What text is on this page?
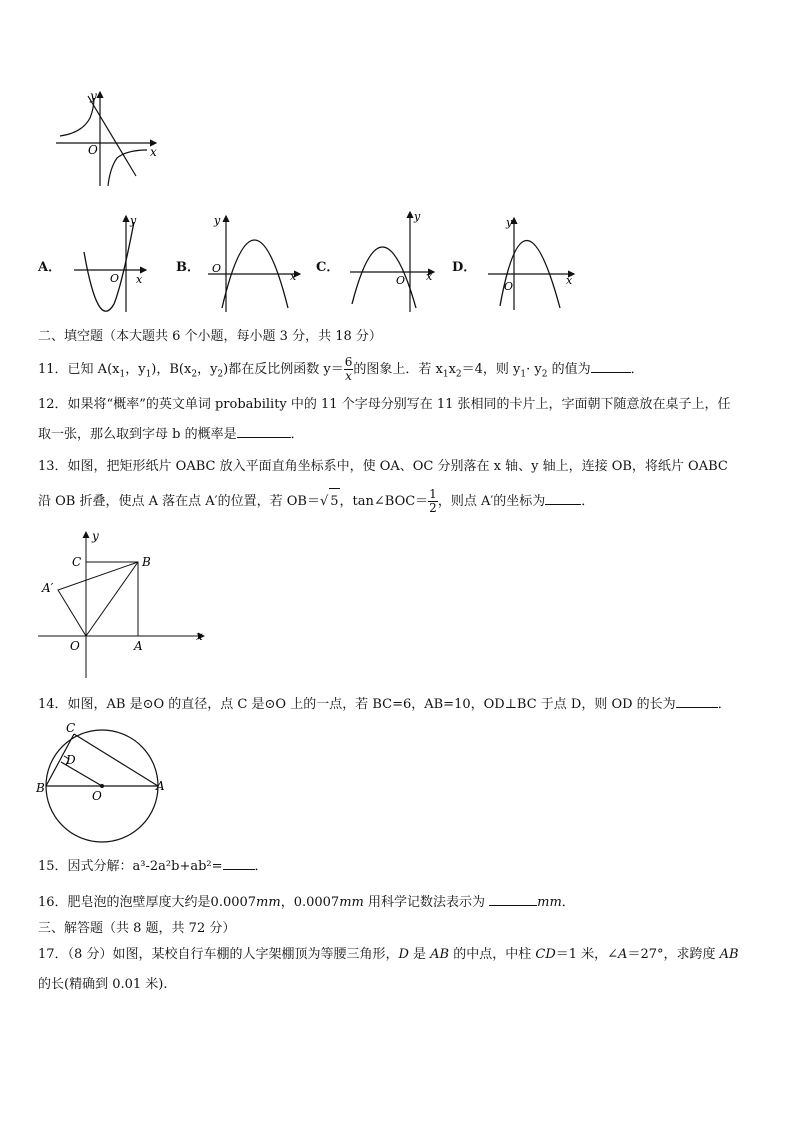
y
x
O
A．
y
x
O
B．
y
x
O	C．
y
x
O
D．
y
x
O
二、填空题（本大题共 6 个小题，每小题 3 分，共 18 分）
11．已知 $A(x_1$，$y_1$)，$B(x_2$，$y_2$)都在反比例函数 $y= \frac{6}{x}$ 的图象上．若 $x_1x_2=4$，则 $y_1\cdot y_2$ 的值为	．
12．如果将“概率”的英文单词 probability 中的 11 个字母分别写在 11 张相同的卡片上，字面朝下随意放在桌子上，任
取一张，那么取到字母 b 的概率是	．
13．如图，把矩形纸片 OABC 放入平面直角坐标系中，使 OA、OC 分别落在 x 轴、y 轴上，连接 OB，将纸片 OABC
沿 OB 折叠，使点 A 落在点 A′的位置，若 OB＝√ 5，tan∠BOC＝ $\frac{1}{2}$ ，则点 A′的坐标为	．
y
x
C	B
A′
O	A
14．如图，AB 是⊙O 的直径，点 C 是⊙O 上的一点，若 BC=6，AB=10，OD⊥BC 于点 D，则 OD 的长为	．
C
D
B
O
A
15．因式分解：a³-2a²b+ab²= ．
16．肥皂泡的泡壁厚度大约是0.0007mm，0.0007mm 用科学记数法表示为	mm．
三、解答题（共 8 题，共 72 分）
17．（8 分）如图，某校自行车棚的人字架棚顶为等腰三角形，D 是 AB 的中点，中柱 CD＝1 米，∠A＝27°，求跨度 AB
的长(精确到 0.01 米).
